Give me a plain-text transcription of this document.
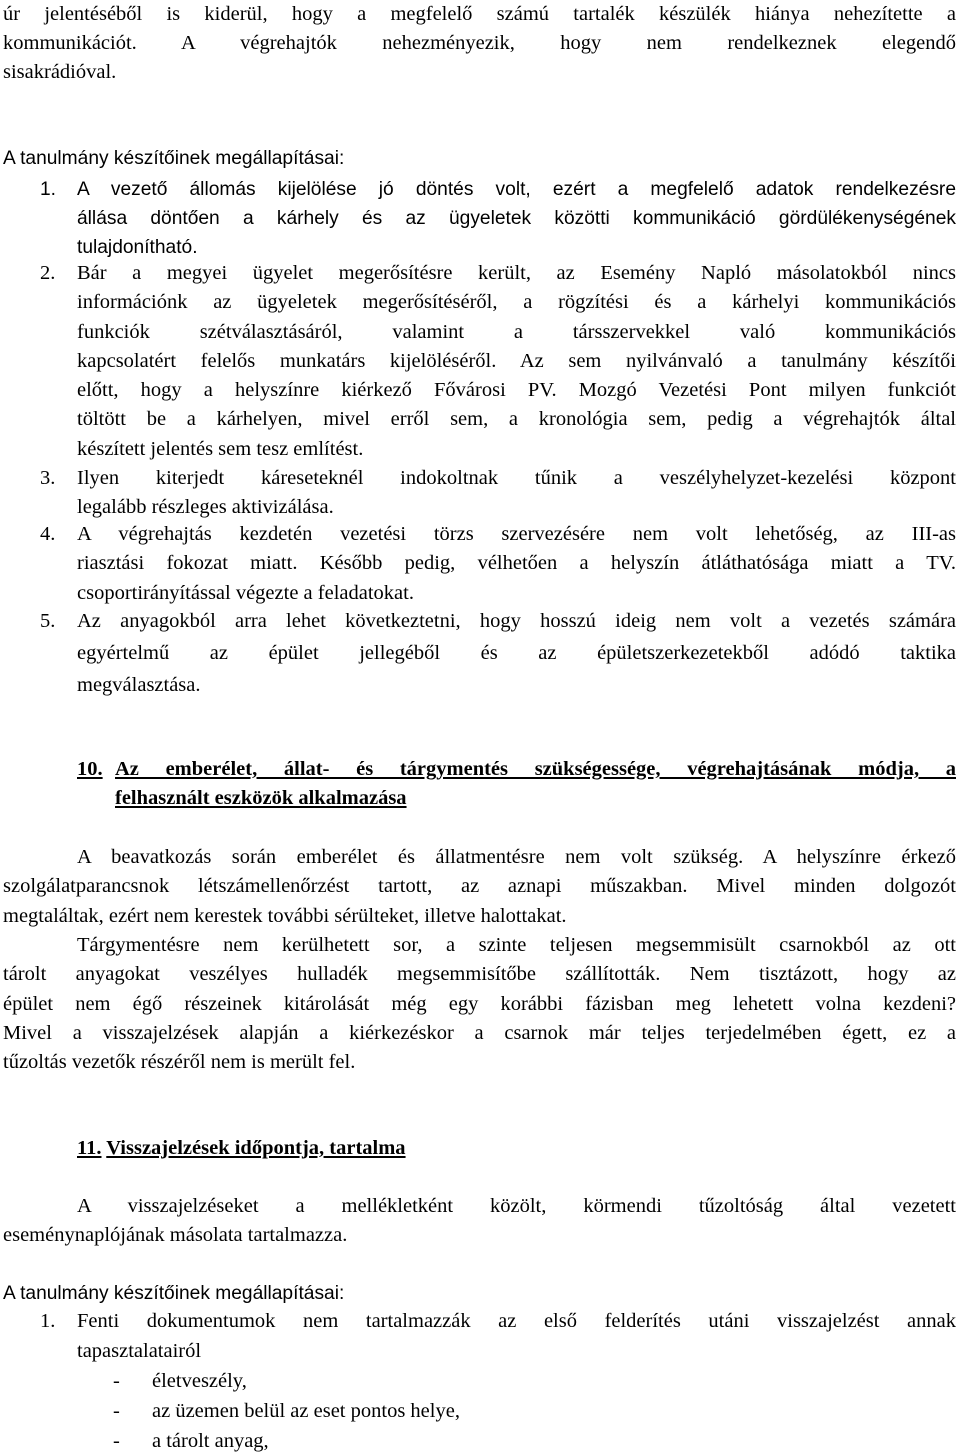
úr jelentéséből is kiderül, hogy a megfelelő számú tartalék készülék hiánya nehezítette a
kommunikációt. A végrehajtók nehezményezik, hogy nem rendelkeznek elegendő
sisakrádióval.
A tanulmány készítőinek megállapításai:
1. A vezető állomás kijelölése jó döntés volt, ezért a megfelelő adatok rendelkezésre
állása döntően a kárhely és az ügyeletek közötti kommunikáció gördülékenységének
tulajdonítható.
2. Bár a megyei ügyelet megerősítésre került, az Esemény Napló másolatokból nincs
információnk az ügyeletek megerősítéséről, a rögzítési és a kárhelyi kommunikációs
funkciók szétválasztásáról, valamint a társszervekkel való kommunikációs
kapcsolatért felelős munkatárs kijelöléséről. Az sem nyilvánvaló a tanulmány készítői
előtt, hogy a helyszínre kiérkező Fővárosi PV. Mozgó Vezetési Pont milyen funkciót
töltött be a kárhelyen, mivel erről sem, a kronológia sem, pedig a végrehajtók által
készített jelentés sem tesz említést.
3. Ilyen kiterjedt káreseteknél indokoltnak tűnik a veszélyhelyzet-kezelési központ
legalább részleges aktivizálása.
4. A végrehajtás kezdetén vezetési törzs szervezésére nem volt lehetőség, az III-as
riasztási fokozat miatt. Később pedig, vélhetően a helyszín átláthatósága miatt a TV.
csoportirányítással végezte a feladatokat.
5. Az anyagokból arra lehet következtetni, hogy hosszú ideig nem volt a vezetés számára
egyértelmű az épület jellegéből és az épületszerkezetekből adódó taktika
megválasztása.
10. Az emberélet, állat- és tárgymentés szükségessége, végrehajtásának módja, a
felhasznált eszközök alkalmazása
A beavatkozás során emberélet és állatmentésre nem volt szükség. A helyszínre érkező
szolgálatparancsnok létszámellenőrzést tartott, az aznapi műszakban. Mivel minden dolgozót
megtaláltak, ezért nem kerestek további sérülteket, illetve halottakat.
Tárgymentésre nem kerülhetett sor, a szinte teljesen megsemmisült csarnokból az ott
tárolt anyagokat veszélyes hulladék megsemmisítőbe szállították. Nem tisztázott, hogy az
épület nem égő részeinek kitárolását még egy korábbi fázisban meg lehetett volna kezdeni?
Mivel a visszajelzések alapján a kiérkezéskor a csarnok már teljes terjedelmében égett, ez a
tűzoltás vezetők részéről nem is merült fel.
11. Visszajelzések időpontja, tartalma
A visszajelzéseket a mellékletként közölt, körmendi tűzoltóság által vezetett
eseménynaplójának másolata tartalmazza.
A tanulmány készítőinek megállapításai:
1. Fenti dokumentumok nem tartalmazzák az első felderítés utáni visszajelzést annak
tapasztalatairól
- életveszély,
- az üzemen belül az eset pontos helye,
- a tárolt anyag,
